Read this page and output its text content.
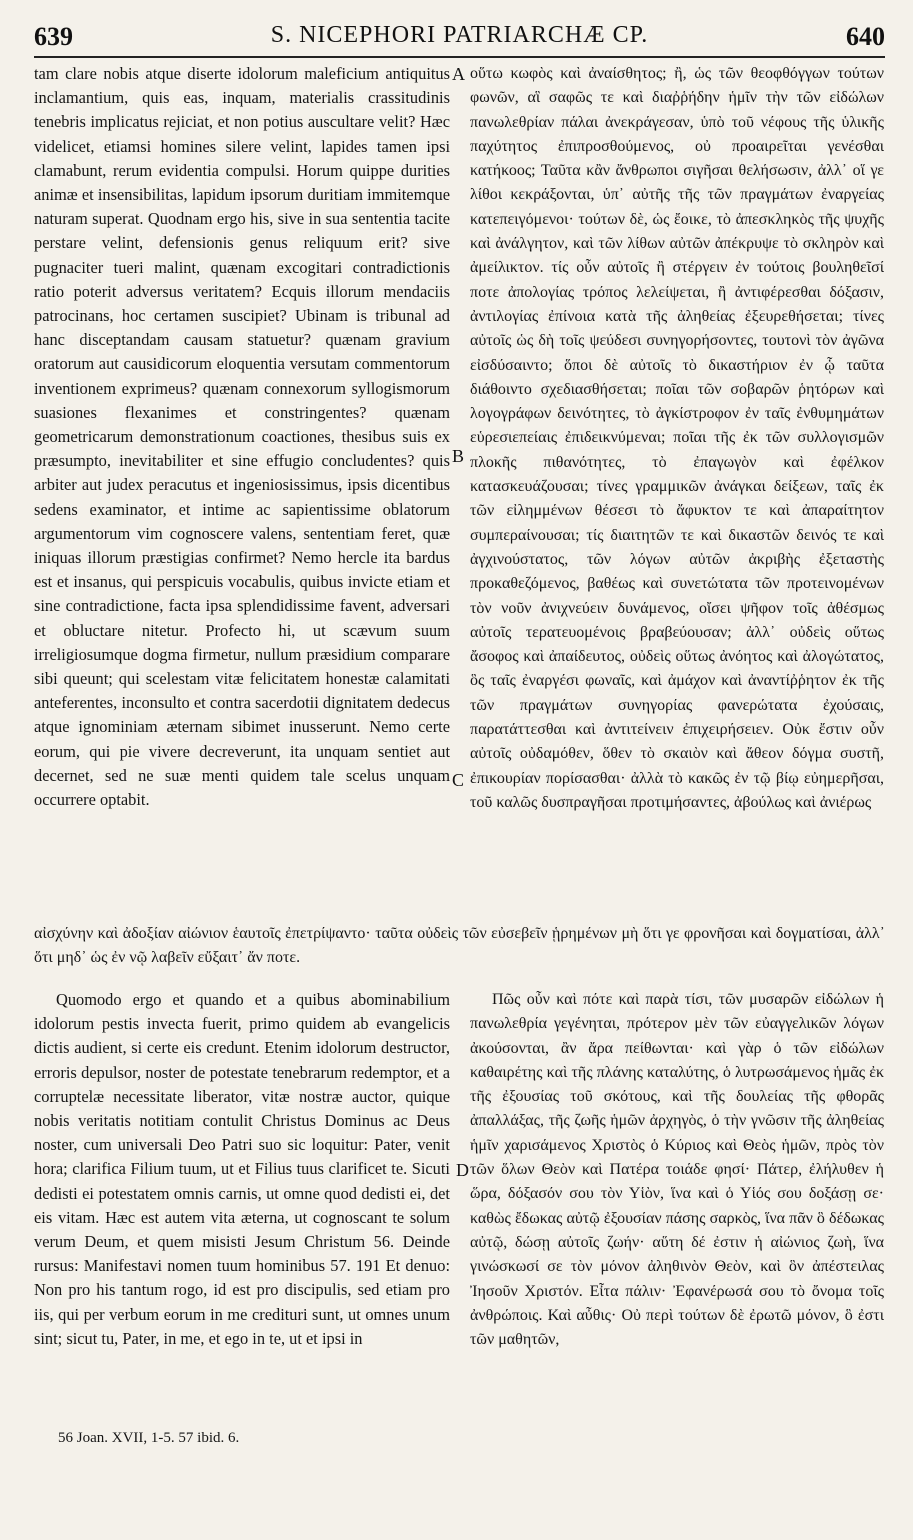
639	S. NICEPHORI PATRIARCHÆ CP.	640

tam clare nobis atque diserte idolorum maleficium antiquitus inclamantium, quis eas, inquam, materialis crassitudinis tenebris implicatus rejiciat, et non potius auscultare velit? Hæc videlicet, etiamsi homines silere velint, lapides tamen ipsi clamabunt, rerum evidentia compulsi. Horum quippe durities animæ et insensibilitas, lapidum ipsorum duritiam immitemque naturam superat. Quodnam ergo his, sive in sua sententia tacite perstare velint, defensionis genus reliquum erit? sive pugnaciter tueri malint, quænam excogitari contradictionis ratio poterit adversus veritatem? Ecquis illorum mendaciis patrocinans, hoc certamen suscipiet? Ubinam is tribunal ad hanc disceptandam causam statuetur? quænam gravium oratorum aut causidicorum eloquentia versutam commentorum inventionem exprimeus? quænam connexorum syllogismorum suasiones flexanimes et constringentes? quænam geometricarum demonstrationum coactiones, thesibus suis ex præsumpto, inevitabiliter et sine effugio concludentes? quis arbiter aut judex peracutus et ingeniosissimus, ipsis dicentibus sedens examinator, et intime ac sapientissime oblatorum argumentorum vim cognoscere valens, sententiam feret, quæ iniquas illorum præstigias confirmet? Nemo hercle ita bardus est et insanus, qui perspicuis vocabulis, quibus invicte etiam et sine contradictione, facta ipsa splendidissime favent, adversari et obluctare nitetur. Profecto hi, ut scævum suum irreligiosumque dogma firmetur, nullum præsidium comparare sibi queunt; qui scelestam vitæ felicitatem honestæ calamitati anteferentes, inconsulto et contra sacerdotii dignitatem dedecus atque ignominiam æternam sibimet inusserunt. Nemo certe eorum, qui pie vivere decreverunt, ita unquam sentiet aut decernet, sed ne suæ menti quidem tale scelus unquam occurrere optabit.

A
B
C
D

οὕτω κωφὸς καὶ ἀναίσθητος; ἢ, ὡς τῶν θεοφθόγγων τούτων φωνῶν, αἳ σαφῶς τε καὶ διαῤῥήδην ἡμῖν τὴν τῶν εἰδώλων πανωλεθρίαν πάλαι ἀνεκράγεσαν, ὑπὸ τοῦ νέφους τῆς ὑλικῆς παχύτητος ἐπιπροσθούμενος, οὐ προαιρεῖται γενέσθαι κατήκοος; Ταῦτα κἂν ἄνθρωποι σιγῆσαι θελήσωσιν, ἀλλ᾽ οἵ γε λίθοι κεκράξονται, ὑπ᾽ αὐτῆς τῆς τῶν πραγμάτων ἐναργείας κατεπειγόμενοι· τούτων δὲ, ὡς ἔοικε, τὸ ἀπεσκληκὸς τῆς ψυχῆς καὶ ἀνάλγητον, καὶ τῶν λίθων αὐτῶν ἀπέκρυψε τὸ σκληρὸν καὶ ἀμείλικτον. τίς οὖν αὐτοῖς ἢ στέργειν ἐν τούτοις βουληθεῖσί ποτε ἀπολογίας τρόπος λελείψεται, ἢ ἀντιφέρεσθαι δόξασιν, ἀντιλογίας ἐπίνοια κατὰ τῆς ἀληθείας ἐξευρεθήσεται; τίνες αὐτοῖς ὡς δὴ τοῖς ψεύδεσι συνηγορήσοντες, τουτονὶ τὸν ἀγῶνα εἰσδύσαιντο; ὅποι δὲ αὐτοῖς τὸ δικαστήριον ἐν ᾧ ταῦτα διάθοιντο σχεδιασθήσεται; ποῖαι τῶν σοβαρῶν ῥητόρων καὶ λογογράφων δεινότητες, τὸ ἀγκίστροφον ἐν ταῖς ἐνθυμημάτων εὑρεσιεπείαις ἐπιδεικνύμεναι; ποῖαι τῆς ἐκ τῶν συλλογισμῶν πλοκῆς πιθανότητες, τὸ ἐπαγωγὸν καὶ ἐφέλκον κατασκευάζουσαι; τίνες γραμμικῶν ἀνάγκαι δείξεων, ταῖς ἐκ τῶν εἰλημμένων θέσεσι τὸ ἄφυκτον τε καὶ ἀπαραίτητον συμπεραίνουσαι; τίς διαιτητῶν τε καὶ δικαστῶν δεινός τε καὶ ἀγχινούστατος, τῶν λόγων αὐτῶν ἀκριβὴς ἐξεταστὴς προκαθεζόμενος, βαθέως καὶ συνετώτατα τῶν προτεινομένων τὸν νοῦν ἀνιχνεύειν δυνάμενος, οἴσει ψῆφον τοῖς ἀθέσμως αὐτοῖς τερατευομένοις βραβεύουσαν; ἀλλ᾽ οὐδεὶς οὕτως ἄσοφος καὶ ἀπαίδευτος, οὐδεὶς οὕτως ἀνόητος καὶ ἀλογώτατος, ὃς ταῖς ἐναργέσι φωναῖς, καὶ ἀμάχον καὶ ἀναντίῤῥητον ἐκ τῆς τῶν πραγμάτων συνηγορίας φανερώτατα ἐχούσαις, παρατάττεσθαι καὶ ἀντιτείνειν ἐπιχειρήσειεν. Οὐκ ἔστιν οὖν αὐτοῖς οὐδαμόθεν, ὅθεν τὸ σκαιὸν καὶ ἄθεον δόγμα συστῆ, ἐπικουρίαν πορίσασθαι· ἀλλὰ τὸ κακῶς ἐν τῷ βίῳ εὐημερῆσαι, τοῦ καλῶς δυσπραγῆσαι προτιμήσαντες, ἀβούλως καὶ ἀνιέρως

αἰσχύνην καὶ ἀδοξίαν αἰώνιον ἑαυτοῖς ἐπετρίψαντο· ταῦτα οὐδεὶς τῶν εὐσεβεῖν ᾑρημένων μὴ ὅτι γε φρονῆσαι καὶ δογματίσαι, ἀλλ᾽ ὅτι μηδ᾽ ὡς ἐν νῷ λαβεῖν εὔξαιτ᾽ ἄν ποτε.

Quomodo ergo et quando et a quibus abominabilium idolorum pestis invecta fuerit, primo quidem ab evangelicis dictis audient, si certe eis credunt. Etenim idolorum destructor, erroris depulsor, noster de potestate tenebrarum redemptor, et a corruptelæ necessitate liberator, vitæ nostræ auctor, quique nobis veritatis notitiam contulit Christus Dominus ac Deus noster, cum universali Deo Patri suo sic loquitur: Pater, venit hora; clarifica Filium tuum, ut et Filius tuus clarificet te. Sicuti dedisti ei potestatem omnis carnis, ut omne quod dedisti ei, det eis vitam. Hæc est autem vita æterna, ut cognoscant te solum verum Deum, et quem misisti Jesum Christum 56. Deinde rursus: Manifestavi nomen tuum hominibus 57. 191 Et denuo: Non pro his tantum rogo, id est pro discipulis, sed etiam pro iis, qui per verbum eorum in me credituri sunt, ut omnes unum sint; sicut tu, Pater, in me, et ego in te, ut et ipsi in

Πῶς οὖν καὶ πότε καὶ παρὰ τίσι, τῶν μυσαρῶν εἰδώλων ἡ πανωλεθρία γεγένηται, πρότερον μὲν τῶν εὐαγγελικῶν λόγων ἀκούσονται, ἂν ἄρα πείθωνται· καὶ γὰρ ὁ τῶν εἰδώλων καθαιρέτης καὶ τῆς πλάνης καταλύτης, ὁ λυτρωσάμενος ἡμᾶς ἐκ τῆς ἐξουσίας τοῦ σκότους, καὶ τῆς δουλείας τῆς φθορᾶς ἀπαλλάξας, τῆς ζωῆς ἡμῶν ἀρχηγὸς, ὁ τὴν γνῶσιν τῆς ἀληθείας ἡμῖν χαρισάμενος Χριστὸς ὁ Κύριος καὶ Θεὸς ἡμῶν, πρὸς τὸν τῶν ὅλων Θεὸν καὶ Πατέρα τοιάδε φησί· Πάτερ, ἐλήλυθεν ἡ ὥρα, δόξασόν σου τὸν Υἱὸν, ἵνα καὶ ὁ Υἱός σου δοξάσῃ σε· καθὼς ἔδωκας αὐτῷ ἐξουσίαν πάσης σαρκὸς, ἵνα πᾶν ὃ δέδωκας αὐτῷ, δώσῃ αὐτοῖς ζωήν· αὕτη δέ ἐστιν ἡ αἰώνιος ζωὴ, ἵνα γινώσκωσί σε τὸν μόνον ἀληθινὸν Θεὸν, καὶ ὃν ἀπέστειλας Ἰησοῦν Χριστόν. Εἶτα πάλιν· Ἐφανέρωσά σου τὸ ὄνομα τοῖς ἀνθρώποις. Καὶ αὖθις· Οὐ περὶ τούτων δὲ ἐρωτῶ μόνον, ὃ ἐστι τῶν μαθητῶν,

56 Joan. XVII, 1-5. 57 ibid. 6.
